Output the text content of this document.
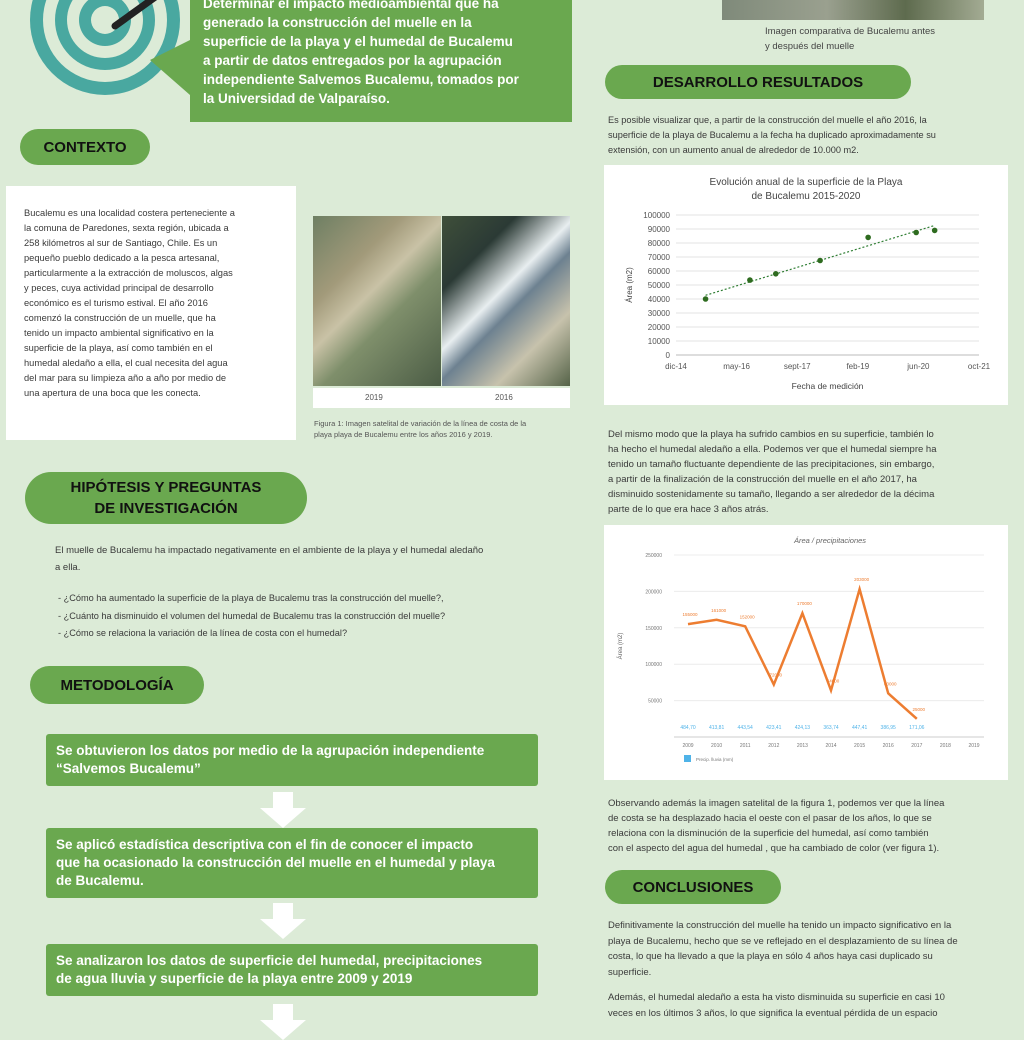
Determinar el impacto medioambiental que ha
generado la construcción del muelle en la
superficie de la playa y el humedal de Bucalemu
a partir de datos entregados por la agrupación
independiente Salvemos Bucalemu, tomados por
la Universidad de Valparaíso.
Imagen comparativa de Bucalemu antes
y después del muelle
CONTEXTO
Bucalemu es una localidad costera perteneciente a
la comuna de Paredones, sexta región, ubicada a
258 kilómetros al sur de Santiago, Chile. Es un
pequeño pueblo dedicado a la pesca artesanal,
particularmente a la extracción de moluscos, algas
y peces, cuya actividad principal de desarrollo
económico es el turismo estival. El año 2016
comenzó la construcción de un muelle, que ha
tenido un impacto ambiental significativo en la
superficie de la playa, así como también en el
humedal aledaño a ella, el cual necesita del agua
del mar para su limpieza año a año por medio de
una apertura de una boca que les conecta.	2019	2016
Figura 1: Imagen satelital de variación de la línea de costa de la
playa playa de Bucalemu entre los años 2016 y 2019.
HIPÓTESIS Y PREGUNTAS
DE INVESTIGACIÓN
El muelle de Bucalemu ha impactado negativamente en el ambiente de la playa y el humedal aledaño
a ella.
- ¿Cómo ha aumentado la superficie de la playa de Bucalemu tras la construcción del muelle?,
- ¿Cuánto ha disminuido el volumen del humedal de Bucalemu tras la construcción del muelle?
- ¿Cómo se relaciona la variación de la línea de costa con el humedal?
METODOLOGÍA
Se obtuvieron los datos por medio de la agrupación independiente
“Salvemos Bucalemu”
Se aplicó estadística descriptiva con el fin de conocer el impacto
que ha ocasionado la construcción del muelle en el humedal y playa
de Bucalemu.
Se analizaron los datos de superficie del humedal, precipitaciones
de agua lluvia y superficie de la playa entre 2009 y 2019
DESARROLLO RESULTADOS
Es posible visualizar que, a partir de la construcción del muelle el año 2016, la
superficie de la playa de Bucalemu a la fecha ha duplicado aproximadamente su
extensión, con un aumento anual de alrededor de 10.000 m2.
Evolución anual de la superficie de la Playa
de Bucalemu 2015-2020
0
10000
20000
30000
40000
50000
60000
70000
80000
90000
100000
dic-14	may-16	sept-17	feb-19	jun-20	oct-21
Fecha de medición
Área (m2)
Del mismo modo que la playa ha sufrido cambios en su superficie, también lo
ha hecho el humedal aledaño a ella. Podemos ver que el humedal siempre ha
tenido un tamaño fluctuante dependiente de las precipitaciones, sin embargo,
a partir de la finalización de la construcción del muelle en el año 2017, ha
disminuido sostenidamente su tamaño, llegando a ser alrededor de la décima
parte de lo que era hace 3 años atrás.
Área / precipitaciones
50000
100000
150000
200000
250000
Área (m2)
2009	2010	2011	2012	2013	2014	2015	2016	2017	2018	2019
484,70	413,81	443,54	423,41	424,13	363,74	447,41	386,95	171,06
155000
161000
152000
72000
170000
64000
203000
60000
25000
Precip. lluvia (mm)
Observando además la imagen satelital de la figura 1, podemos ver que la línea
de costa se ha desplazado hacia el oeste con el pasar de los años, lo que se
relaciona con la disminución de la superficie del humedal, así como también
con el aspecto del agua del humedal , que ha cambiado de color (ver figura 1).
CONCLUSIONES
Definitivamente la construcción del muelle ha tenido un impacto significativo en la
playa de Bucalemu, hecho que se ve reflejado en el desplazamiento de su línea de
costa, lo que ha llevado a que la playa en sólo 4 años haya casi duplicado su
superficie.
Además, el humedal aledaño a esta ha visto disminuida su superficie en casi 10
veces en los últimos 3 años, lo que significa la eventual pérdida de un espacio
